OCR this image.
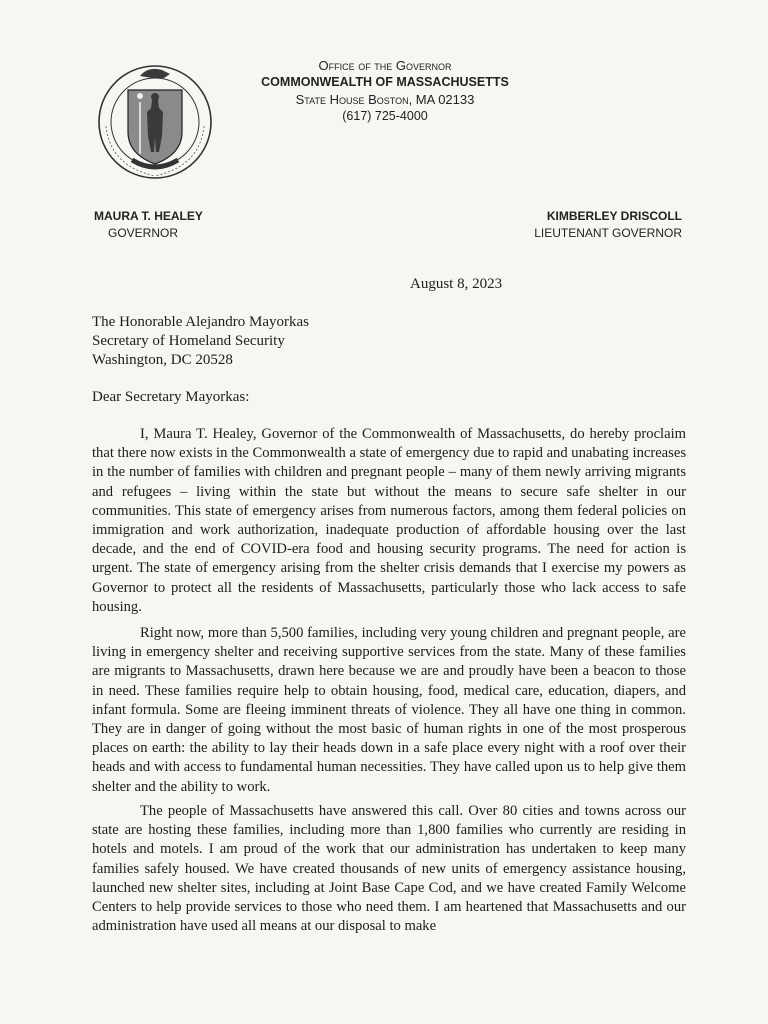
Office of the Governor
COMMONWEALTH OF MASSACHUSETTS
State House Boston, MA 02133
(617) 725-4000
MAURA T. HEALEY
GOVERNOR
KIMBERLEY DRISCOLL
LIEUTENANT GOVERNOR
August 8, 2023
The Honorable Alejandro Mayorkas
Secretary of Homeland Security
Washington, DC 20528
Dear Secretary Mayorkas:
I, Maura T. Healey, Governor of the Commonwealth of Massachusetts, do hereby proclaim that there now exists in the Commonwealth a state of emergency due to rapid and unabating increases in the number of families with children and pregnant people – many of them newly arriving migrants and refugees – living within the state but without the means to secure safe shelter in our communities. This state of emergency arises from numerous factors, among them federal policies on immigration and work authorization, inadequate production of affordable housing over the last decade, and the end of COVID-era food and housing security programs. The need for action is urgent. The state of emergency arising from the shelter crisis demands that I exercise my powers as Governor to protect all the residents of Massachusetts, particularly those who lack access to safe housing.
Right now, more than 5,500 families, including very young children and pregnant people, are living in emergency shelter and receiving supportive services from the state. Many of these families are migrants to Massachusetts, drawn here because we are and proudly have been a beacon to those in need. These families require help to obtain housing, food, medical care, education, diapers, and infant formula. Some are fleeing imminent threats of violence. They all have one thing in common. They are in danger of going without the most basic of human rights in one of the most prosperous places on earth: the ability to lay their heads down in a safe place every night with a roof over their heads and with access to fundamental human necessities. They have called upon us to help give them shelter and the ability to work.
The people of Massachusetts have answered this call. Over 80 cities and towns across our state are hosting these families, including more than 1,800 families who currently are residing in hotels and motels. I am proud of the work that our administration has undertaken to keep many families safely housed. We have created thousands of new units of emergency assistance housing, launched new shelter sites, including at Joint Base Cape Cod, and we have created Family Welcome Centers to help provide services to those who need them. I am heartened that Massachusetts and our administration have used all means at our disposal to make
